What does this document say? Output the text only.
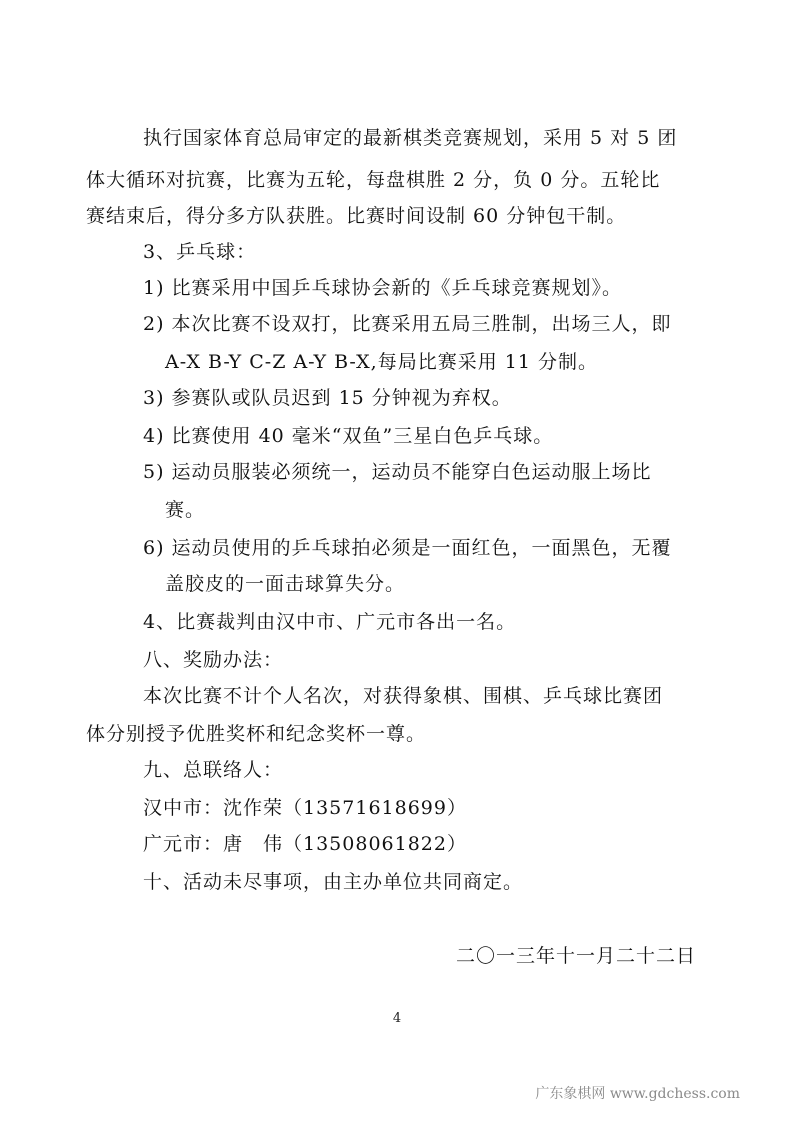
执行国家体育总局审定的最新棋类竞赛规划，采用 5 对 5 团
体大循环对抗赛，比赛为五轮，每盘棋胜 2 分，负 0 分。五轮比
赛结束后，得分多方队获胜。比赛时间设制 60 分钟包干制。
3、乒乓球：
1) 比赛采用中国乒乓球协会新的《乒乓球竞赛规划》。
2) 本次比赛不设双打，比赛采用五局三胜制，出场三人，即
A-X B-Y C-Z A-Y B-X,每局比赛采用 11 分制。
3) 参赛队或队员迟到 15 分钟视为弃权。
4) 比赛使用 40 毫米“双鱼”三星白色乒乓球。
5) 运动员服装必须统一，运动员不能穿白色运动服上场比
赛。
6) 运动员使用的乒乓球拍必须是一面红色，一面黑色，无覆
盖胶皮的一面击球算失分。
4、比赛裁判由汉中市、广元市各出一名。
八、奖励办法：
本次比赛不计个人名次，对获得象棋、围棋、乒乓球比赛团
体分别授予优胜奖杯和纪念奖杯一尊。
九、总联络人：
汉中市：沈作荣（13571618699）
广元市：唐　伟（13508061822）
十、活动未尽事项，由主办单位共同商定。
二〇一三年十一月二十二日
4
广东象棋网 www.gdchess.com
